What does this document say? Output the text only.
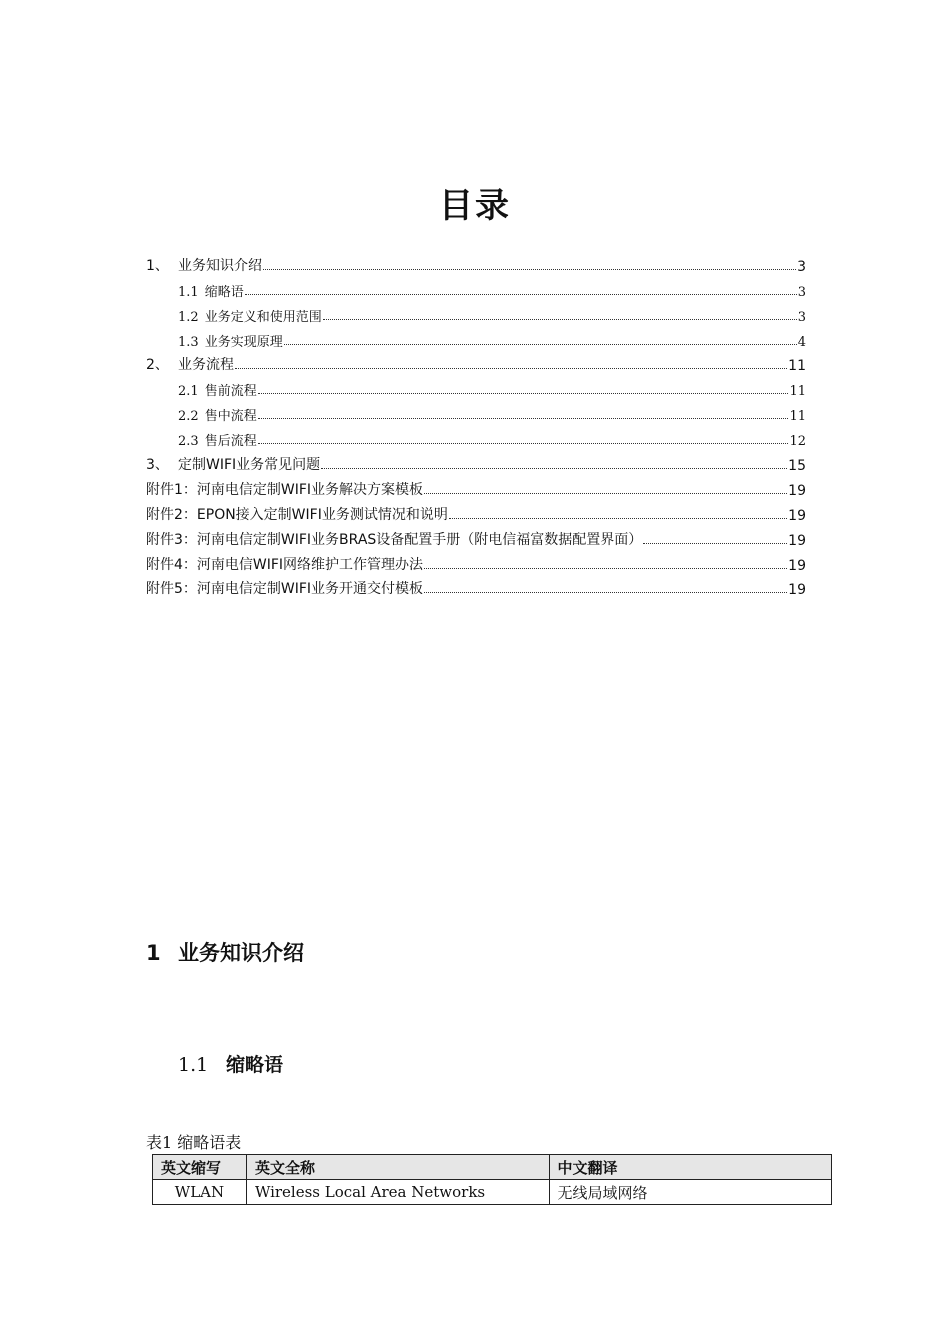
目录
1、 业务知识介绍	3
1.1 缩略语	3
1.2 业务定义和使用范围	3
1.3 业务实现原理	4
2、 业务流程	11
2.1 售前流程	11
2.2 售中流程	11
2.3 售后流程	12
3、 定制WIFI业务常见问题	15
附件1：河南电信定制WIFI业务解决方案模板	19
附件2：EPON接入定制WIFI业务测试情况和说明	19
附件3：河南电信定制WIFI业务BRAS设备配置手册（附电信福富数据配置界面）	19
附件4：河南电信WIFI网络维护工作管理办法	19
附件5：河南电信定制WIFI业务开通交付模板	19
1 业务知识介绍
1.1 缩略语
表1 缩略语表
英文缩写	英文全称	中文翻译
WLAN	Wireless Local Area Networks	无线局域网络
